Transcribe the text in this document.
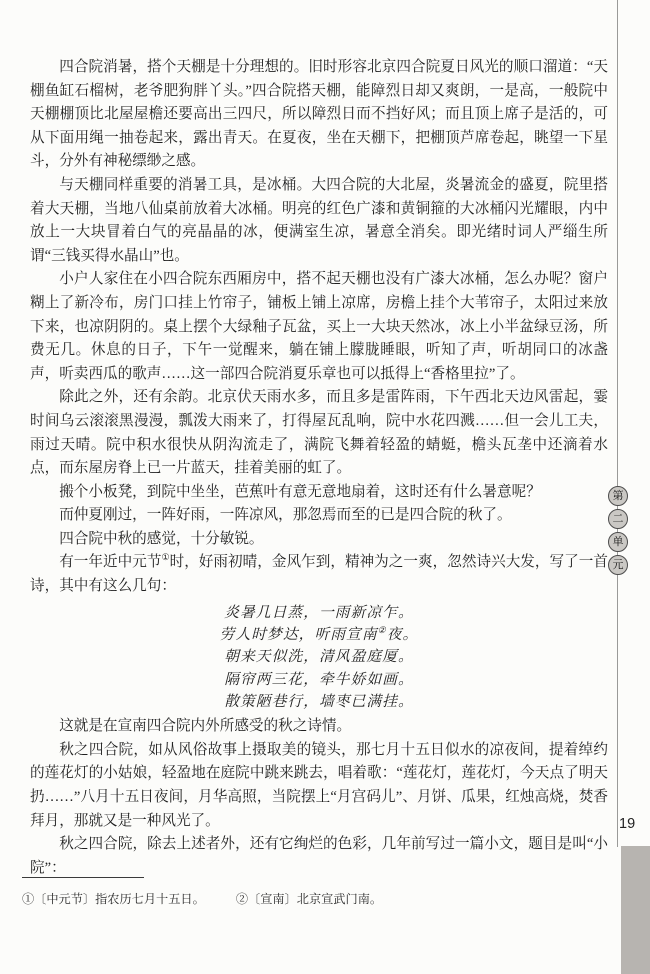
四合院消暑，搭个天棚是十分理想的。旧时形容北京四合院夏日风光的顺口溜道：“天棚鱼缸石榴树，老爷肥狗胖丫头。”四合院搭天棚，能障烈日却又爽朗，一是高，一般院中天棚棚顶比北屋屋檐还要高出三四尺，所以障烈日而不挡好风；而且顶上席子是活的，可从下面用绳一抽卷起来，露出青天。在夏夜，坐在天棚下，把棚顶芦席卷起，眺望一下星斗，分外有神秘缥缈之感。

与天棚同样重要的消暑工具，是冰桶。大四合院的大北屋，炎暑流金的盛夏，院里搭着大天棚，当地八仙桌前放着大冰桶。明亮的红色广漆和黄铜箍的大冰桶闪光耀眼，内中放上一大块冒着白气的亮晶晶的冰，便满室生凉，暑意全消矣。即光绪时词人严缁生所谓“三钱买得水晶山”也。

小户人家住在小四合院东西厢房中，搭不起天棚也没有广漆大冰桶，怎么办呢？窗户糊上了新冷布，房门口挂上竹帘子，铺板上铺上凉席，房檐上挂个大苇帘子，太阳过来放下来，也凉阴阴的。桌上摆个大绿釉子瓦盆，买上一大块天然冰，冰上小半盆绿豆汤，所费无几。休息的日子，下午一觉醒来，躺在铺上朦胧睡眼，听知了声，听胡同口的冰盏声，听卖西瓜的歌声……这一部四合院消夏乐章也可以抵得上“香格里拉”了。

除此之外，还有余韵。北京伏天雨水多，而且多是雷阵雨，下午西北天边风雷起，霎时间乌云滚滚黑漫漫，瓢泼大雨来了，打得屋瓦乱响，院中水花四溅……但一会儿工夫，雨过天晴。院中积水很快从阴沟流走了，满院飞舞着轻盈的蜻蜓，檐头瓦垄中还滴着水点，而东屋房脊上已一片蓝天，挂着美丽的虹了。

搬个小板凳，到院中坐坐，芭蕉叶有意无意地扇着，这时还有什么暑意呢？

而仲夏刚过，一阵好雨，一阵凉风，那忽焉而至的已是四合院的秋了。

四合院中秋的感觉，十分敏锐。

有一年近中元节①时，好雨初晴，金风乍到，精神为之一爽，忽然诗兴大发，写了一首诗，其中有这么几句：

炎暑几日蒸，一雨新凉乍。
劳人时梦达，听雨宣南②夜。
朝来天似洗，清风盈庭厦。
隔帘两三花，牵牛娇如画。
散策陋巷行，墙枣已满挂。

这就是在宣南四合院内外所感受的秋之诗情。

秋之四合院，如从风俗故事上摄取美的镜头，那七月十五日似水的凉夜间，提着绰约的莲花灯的小姑娘，轻盈地在庭院中跳来跳去，唱着歌：“莲花灯，莲花灯，今天点了明天扔……”八月十五日夜间，月华高照，当院摆上“月宫码儿”、月饼、瓜果，红烛高烧，焚香拜月，那就又是一种风光了。

秋之四合院，除去上述者外，还有它绚烂的色彩，几年前写过一篇小文，题目是叫“小院”：

①〔中元节〕指农历七月十五日。	②〔宣南〕北京宣武门南。
第
二
单
元
19
